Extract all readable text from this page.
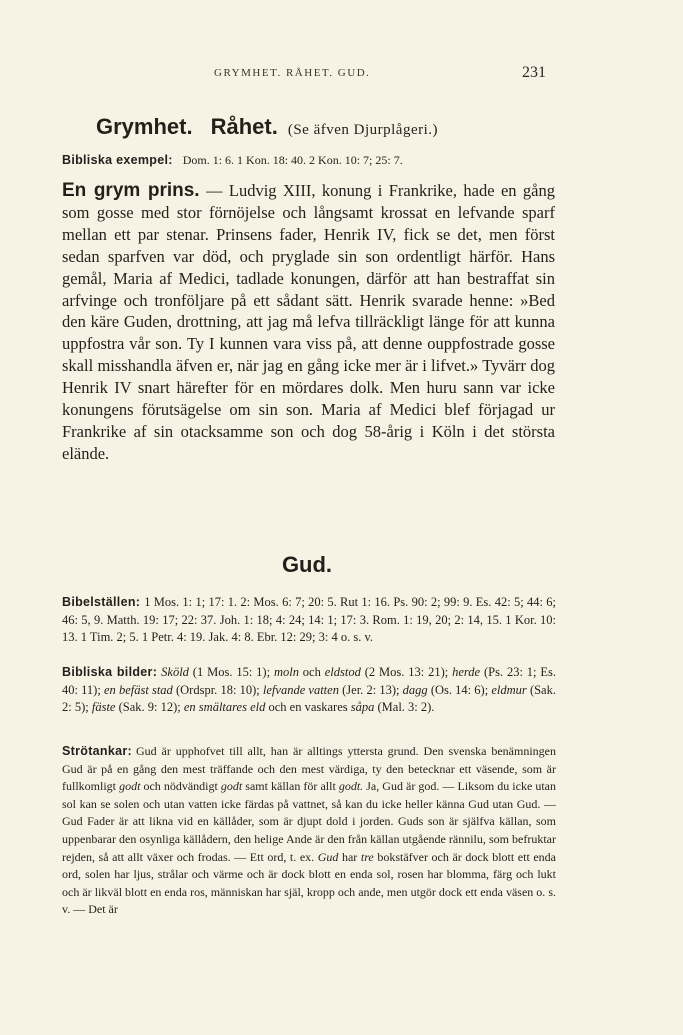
GRYMHET. RÅHET. GUD.	231
Grymhet. Råhet. (Se äfven Djurplågeri.)
Bibliska exempel: Dom. 1: 6. 1 Kon. 18: 40. 2 Kon. 10: 7; 25: 7.
En grym prins. — Ludvig XIII, konung i Frankrike, hade en gång som gosse med stor förnöjelse och långsamt krossat en lefvande sparf mellan ett par stenar. Prinsens fader, Henrik IV, fick se det, men först sedan sparfven var död, och pryglade sin son ordentligt härför. Hans gemål, Maria af Medici, tadlade konungen, därför att han bestraffat sin arfvinge och tronföljare på ett sådant sätt. Henrik svarade henne: »Bed den käre Guden, drottning, att jag må lefva tillräckligt länge för att kunna uppfostra vår son. Ty I kunnen vara viss på, att denne ouppfostrade gosse skall misshandla äfven er, när jag en gång icke mer är i lifvet.» Tyvärr dog Henrik IV snart härefter för en mördares dolk. Men huru sann var icke konungens förutsägelse om sin son. Maria af Medici blef förjagad ur Frankrike af sin otacksamme son och dog 58-årig i Köln i det största elände.
Gud.
Bibelställen: 1 Mos. 1: 1; 17: 1. 2: Mos. 6: 7; 20: 5. Rut 1: 16. Ps. 90: 2; 99: 9. Es. 42: 5; 44: 6; 46: 5, 9. Matth. 19: 17; 22: 37. Joh. 1: 18; 4: 24; 14: 1; 17: 3. Rom. 1: 19, 20; 2: 14, 15. 1 Kor. 10: 13. 1 Tim. 2; 5. 1 Petr. 4: 19. Jak. 4: 8. Ebr. 12: 29; 3: 4 o. s. v.
Bibliska bilder: Sköld (1 Mos. 15: 1); moln och eldstod (2 Mos. 13: 21); herde (Ps. 23: 1; Es. 40: 11); en befäst stad (Ordspr. 18: 10); lefvande vatten (Jer. 2: 13); dagg (Os. 14: 6); eldmur (Sak. 2: 5); fäste (Sak. 9: 12); en smältares eld och en vaskares såpa (Mal. 3: 2).
Strötankar: Gud är upphofvet till allt, han är alltings yttersta grund. Den svenska benämningen Gud är på en gång den mest träffande och den mest värdiga, ty den betecknar ett väsende, som är fullkomligt godt och nödvändigt godt samt källan för allt godt. Ja, Gud är god. — Liksom du icke utan sol kan se solen och utan vatten icke färdas på vattnet, så kan du icke heller känna Gud utan Gud. — Gud Fader är att likna vid en källåder, som är djupt dold i jorden. Guds son är själfva källan, som uppenbarar den osynliga källådern, den helige Ande är den från källan utgående rännilu, som befruktar rejden, så att allt växer och frodas. — Ett ord, t. ex. Gud har tre bokstäfver och är dock blott ett enda ord, solen har ljus, strålar och värme och är dock blott en enda sol, rosen har blomma, färg och lukt och är likväl blott en enda ros, människan har själ, kropp och ande, men utgör dock ett enda väsen o. s. v. — Det är
